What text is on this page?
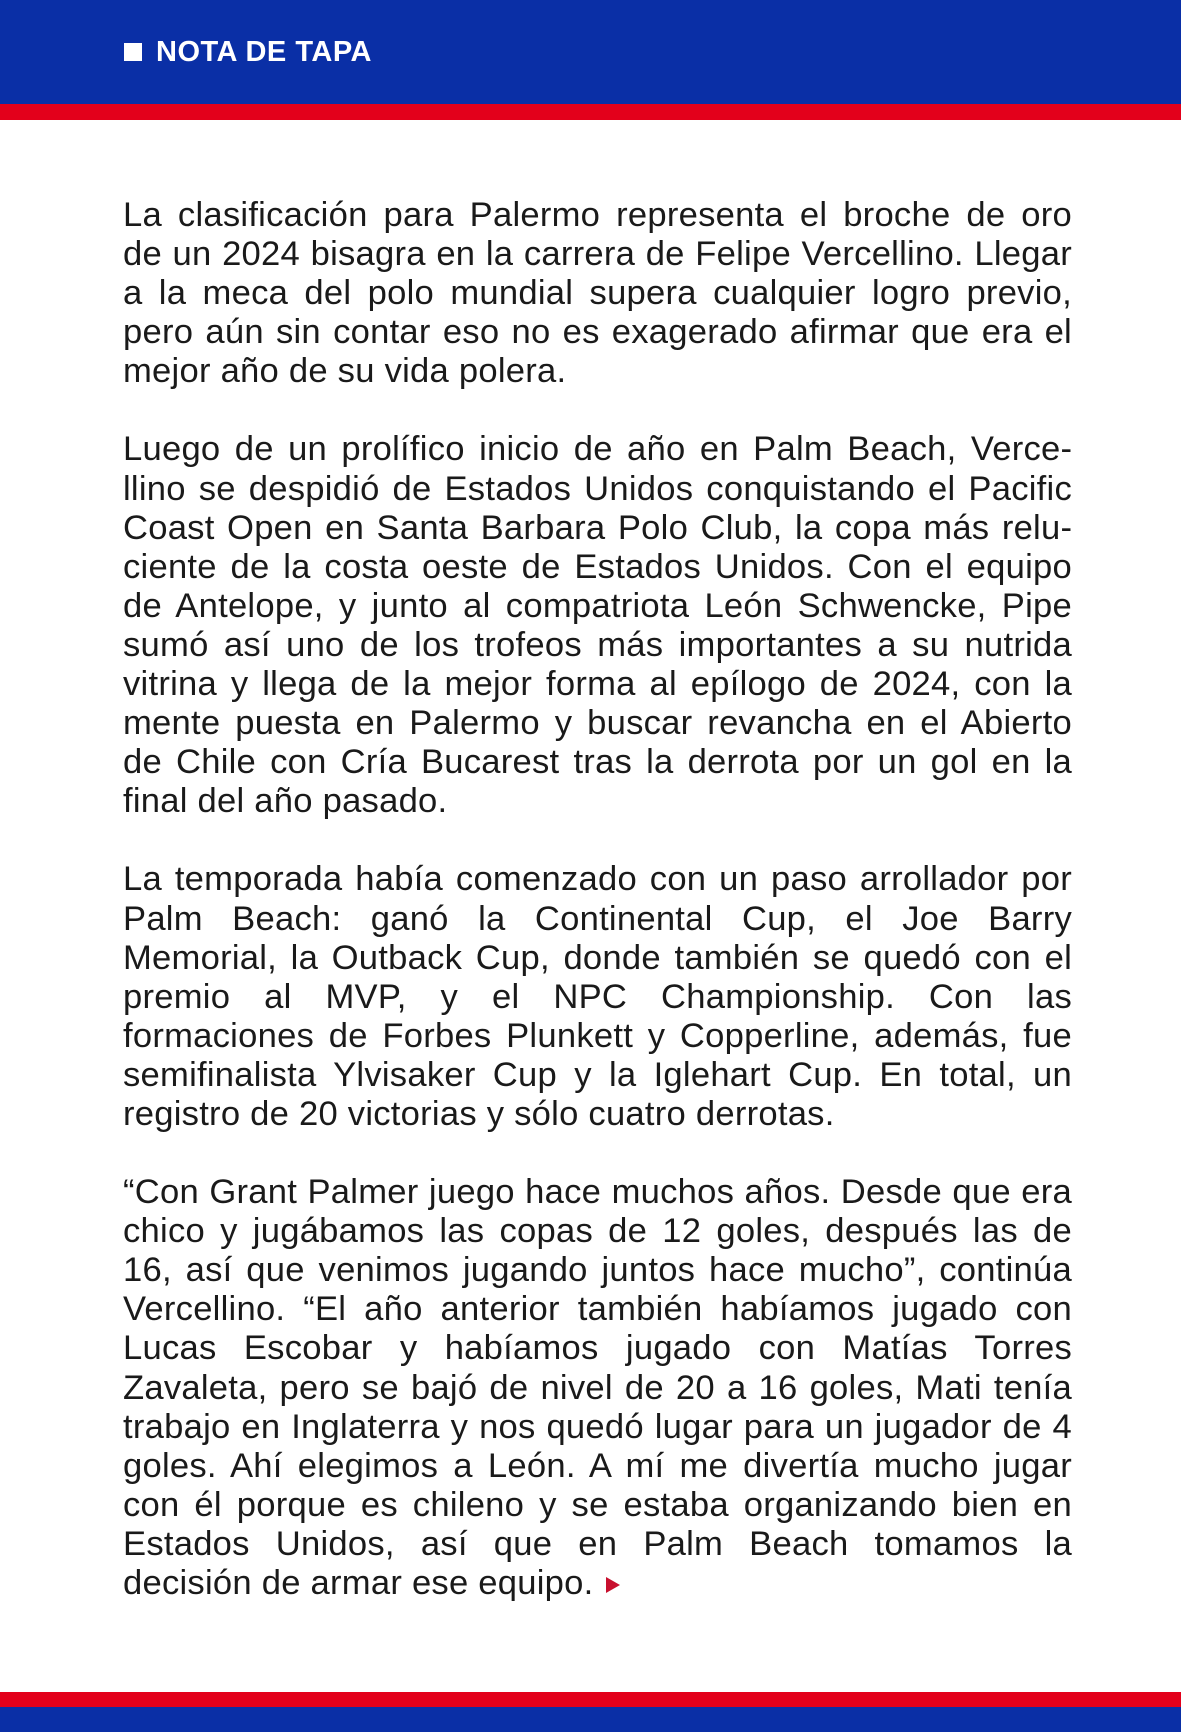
NOTA DE TAPA

La clasificación para Palermo representa el broche de oro de un 2024 bisagra en la carrera de Felipe Vercellino. Llegar a la meca del polo mundial supera cualquier logro previo, pero aún sin contar eso no es exagerado afirmar que era el mejor año de su vida polera.

Luego de un prolífico inicio de año en Palm Beach, Vercellino se despidió de Estados Unidos conquistando el Pacific Coast Open en Santa Barbara Polo Club, la copa más reluciente de la costa oeste de Estados Unidos. Con el equipo de Antelope, y junto al compatriota León Schwencke, Pipe sumó así uno de los trofeos más importantes a su nutrida vitrina y llega de la mejor forma al epílogo de 2024, con la mente puesta en Palermo y buscar revancha en el Abierto de Chile con Cría Bucarest tras la derrota por un gol en la final del año pasado.

La temporada había comenzado con un paso arrollador por Palm Beach: ganó la Continental Cup, el Joe Barry Memorial, la Outback Cup, donde también se quedó con el premio al MVP, y el NPC Championship. Con las formaciones de Forbes Plunkett y Copperline, además, fue semifinalista Ylvisaker Cup y la Iglehart Cup. En total, un registro de 20 victorias y sólo cuatro derrotas.

“Con Grant Palmer juego hace muchos años. Desde que era chico y jugábamos las copas de 12 goles, después las de 16, así que venimos jugando juntos hace mucho”, continúa Vercellino. “El año anterior también habíamos jugado con Lucas Escobar y habíamos jugado con Matías Torres Zavaleta, pero se bajó de nivel de 20 a 16 goles, Mati tenía trabajo en Inglaterra y nos quedó lugar para un jugador de 4 goles. Ahí elegimos a León. A mí me divertía mucho jugar con él porque es chileno y se estaba organizando bien en Estados Unidos, así que en Palm Beach tomamos la decisión de armar ese equipo.
